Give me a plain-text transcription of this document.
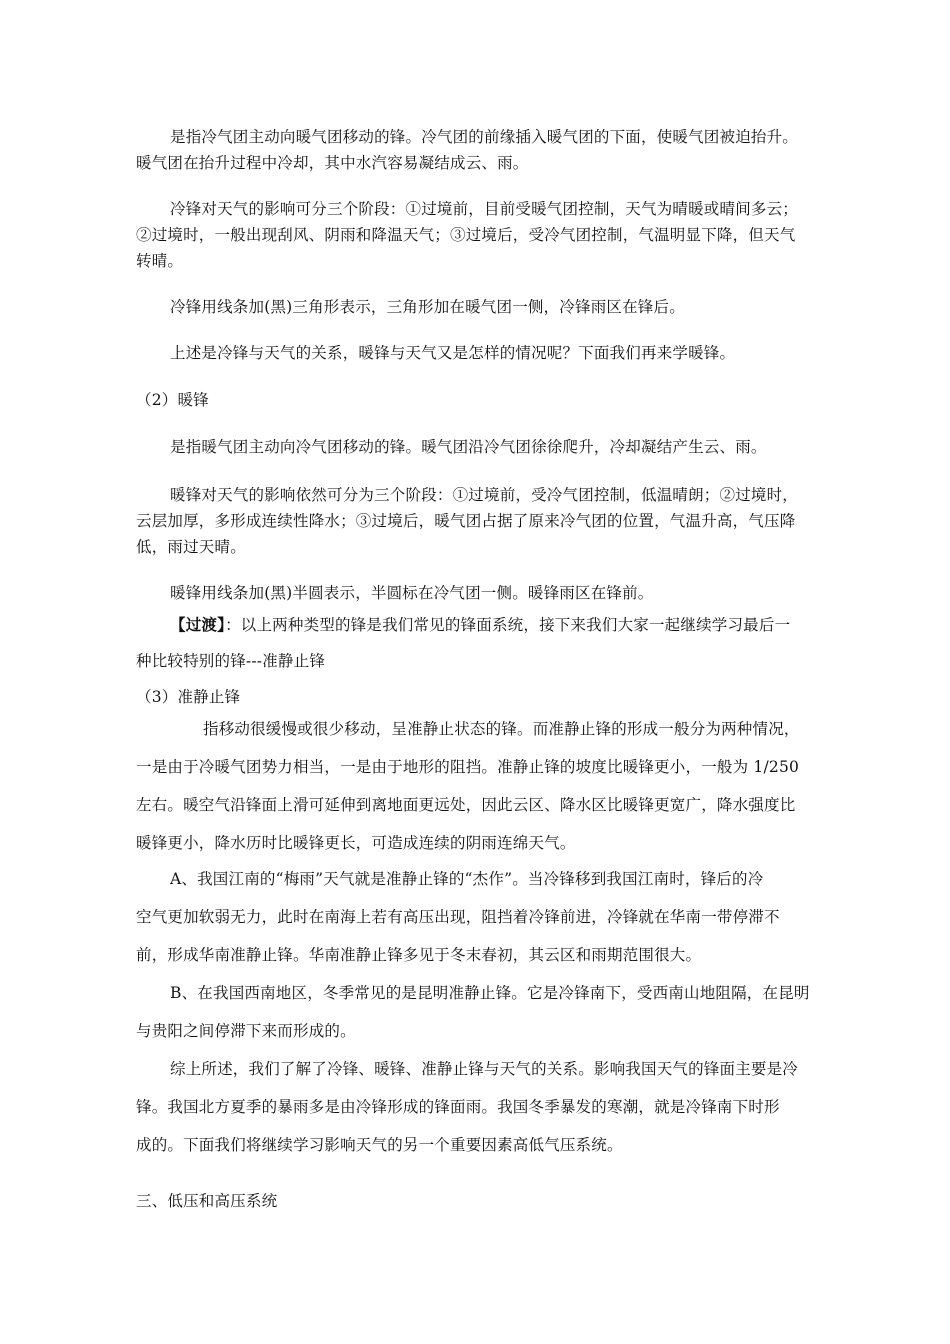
是指冷气团主动向暖气团移动的锋。冷气团的前缘插入暖气团的下面，使暖气团被迫抬升。

暖气团在抬升过程中冷却，其中水汽容易凝结成云、雨。

冷锋对天气的影响可分三个阶段：①过境前，目前受暖气团控制，天气为晴暖或晴间多云；

②过境时，一般出现刮风、阴雨和降温天气；③过境后，受冷气团控制，气温明显下降，但天气

转晴。

冷锋用线条加(黑)三角形表示，三角形加在暖气团一侧，冷锋雨区在锋后。

上述是冷锋与天气的关系，暖锋与天气又是怎样的情况呢？下面我们再来学暖锋。

（2）暖锋

是指暖气团主动向冷气团移动的锋。暖气团沿冷气团徐徐爬升，冷却凝结产生云、雨。

暖锋对天气的影响依然可分为三个阶段：①过境前，受冷气团控制，低温晴朗；②过境时，

云层加厚，多形成连续性降水；③过境后，暖气团占据了原来冷气团的位置，气温升高，气压降

低，雨过天晴。

暖锋用线条加(黑)半圆表示，半圆标在冷气团一侧。暖锋雨区在锋前。

【过渡】：以上两种类型的锋是我们常见的锋面系统，接下来我们大家一起继续学习最后一

种比较特别的锋---准静止锋

（3）准静止锋

指移动很缓慢或很少移动，呈准静止状态的锋。而准静止锋的形成一般分为两种情况，

一是由于冷暖气团势力相当，一是由于地形的阻挡。准静止锋的坡度比暖锋更小，一般为 1/250

左右。暖空气沿锋面上滑可延伸到离地面更远处，因此云区、降水区比暖锋更宽广，降水强度比

暖锋更小，降水历时比暖锋更长，可造成连续的阴雨连绵天气。

A、我国江南的“梅雨”天气就是准静止锋的“杰作”。当冷锋移到我国江南时，锋后的冷

空气更加软弱无力，此时在南海上若有高压出现，阻挡着冷锋前进，冷锋就在华南一带停滞不

前，形成华南准静止锋。华南准静止锋多见于冬末春初，其云区和雨期范围很大。

B、在我国西南地区，冬季常见的是昆明准静止锋。它是冷锋南下，受西南山地阻隔，在昆明

与贵阳之间停滞下来而形成的。

综上所述，我们了解了冷锋、暖锋、准静止锋与天气的关系。影响我国天气的锋面主要是冷

锋。我国北方夏季的暴雨多是由冷锋形成的锋面雨。我国冬季暴发的寒潮，就是冷锋南下时形

成的。下面我们将继续学习影响天气的另一个重要因素高低气压系统。

三、低压和高压系统
